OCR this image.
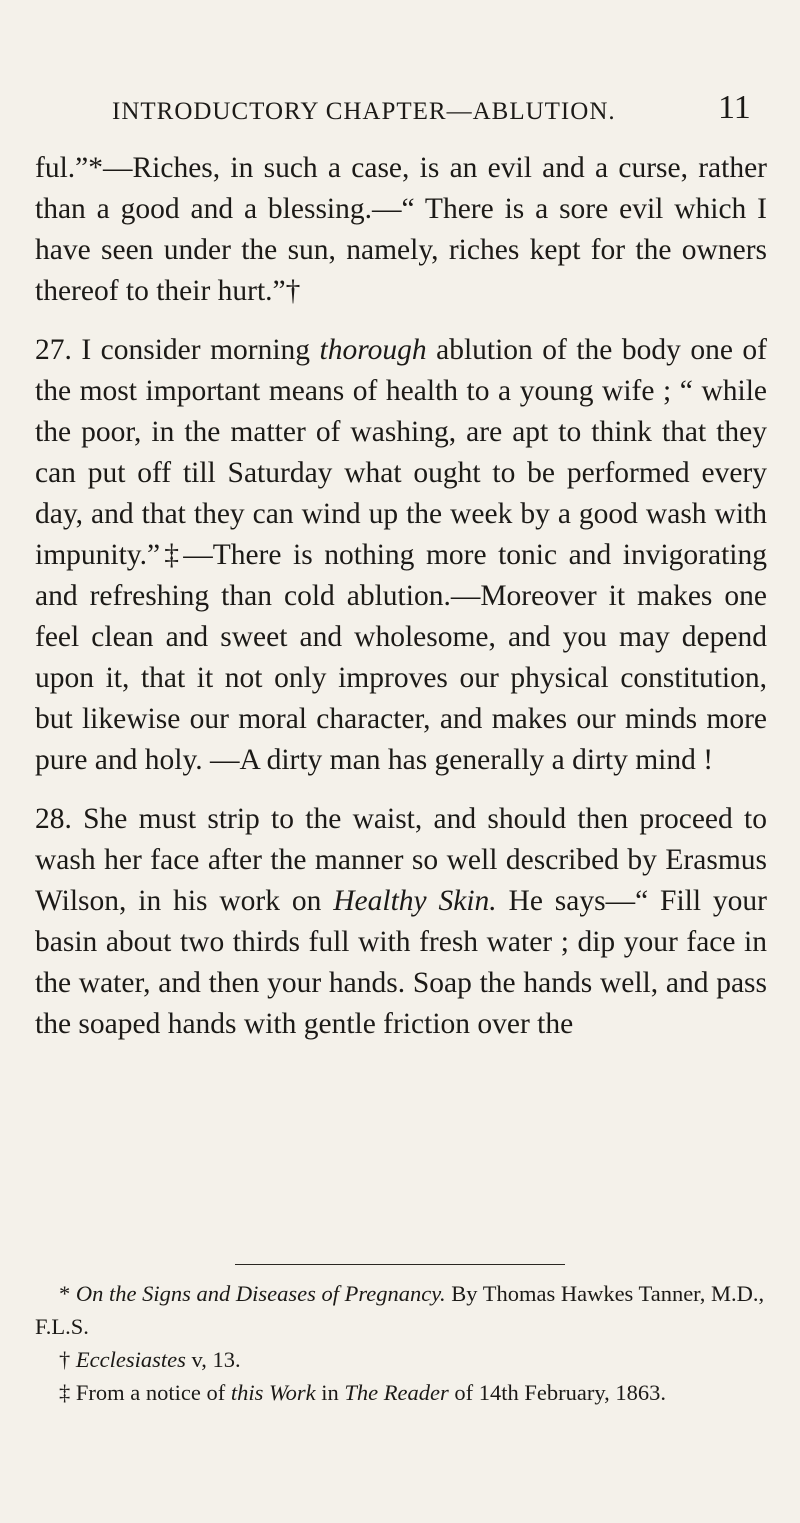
INTRODUCTORY CHAPTER—ABLUTION.	11

ful.”*—Riches, in such a case, is an evil and a curse, rather than a good and a blessing.—“ There is a sore evil which I have seen under the sun, namely, riches kept for the owners thereof to their hurt.”†

27. I consider morning thorough ablution of the body one of the most important means of health to a young wife ; “ while the poor, in the matter of washing, are apt to think that they can put off till Saturday what ought to be performed every day, and that they can wind up the week by a good wash with impunity.”‡—There is nothing more tonic and invigorating and refreshing than cold ablution.—Moreover it makes one feel clean and sweet and wholesome, and you may depend upon it, that it not only improves our physical constitution, but likewise our moral character, and makes our minds more pure and holy. —A dirty man has generally a dirty mind !

28. She must strip to the waist, and should then proceed to wash her face after the manner so well described by Erasmus Wilson, in his work on Healthy Skin. He says—“ Fill your basin about two thirds full with fresh water ; dip your face in the water, and then your hands. Soap the hands well, and pass the soaped hands with gentle friction over the

* On the Signs and Diseases of Pregnancy. By Thomas Hawkes Tanner, M.D., F.L.S.

† Ecclesiastes v, 13.

‡ From a notice of this Work in The Reader of 14th February, 1863.
